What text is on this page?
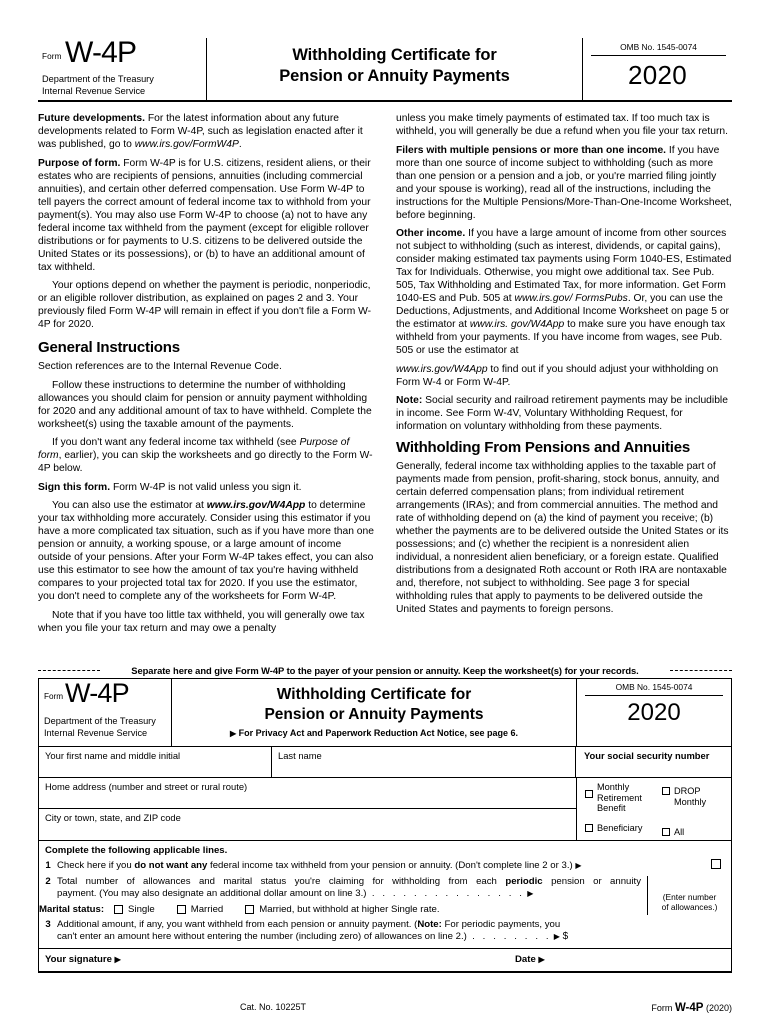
Form W-4P
Department of the Treasury
Internal Revenue Service
Withholding Certificate for
Pension or Annuity Payments
OMB No. 1545-0074
2020

Future developments. For the latest information about any future developments related to Form W-4P, such as legislation enacted after it was published, go to www.irs.gov/FormW4P.

Purpose of form. Form W-4P is for U.S. citizens, resident aliens, or their estates who are recipients of pensions, annuities (including commercial annuities), and certain other deferred compensation. Use Form W-4P to tell payers the correct amount of federal income tax to withhold from your payment(s). You may also use Form W-4P to choose (a) not to have any federal income tax withheld from the payment (except for eligible rollover distributions or for payments to U.S. citizens to be delivered outside the United States or its possessions), or (b) to have an additional amount of tax withheld.

Your options depend on whether the payment is periodic, nonperiodic, or an eligible rollover distribution, as explained on pages 2 and 3. Your previously filed Form W-4P will remain in effect if you don't file a Form W-4P for 2020.

General Instructions

Section references are to the Internal Revenue Code.

Follow these instructions to determine the number of withholding allowances you should claim for pension or annuity payment withholding for 2020 and any additional amount of tax to have withheld. Complete the worksheet(s) using the taxable amount of the payments.

If you don't want any federal income tax withheld (see Purpose of form, earlier), you can skip the worksheets and go directly to the Form W-4P below.

Sign this form. Form W-4P is not valid unless you sign it.

You can also use the estimator at www.irs.gov/W4App to determine your tax withholding more accurately. Consider using this estimator if you have a more complicated tax situation, such as if you have more than one pension or annuity, a working spouse, or a large amount of income outside of your pensions. After your Form W-4P takes effect, you can also use this estimator to see how the amount of tax you're having withheld compares to your projected total tax for 2020. If you use the estimator, you don't need to complete any of the worksheets for Form W-4P.

Note that if you have too little tax withheld, you will generally owe tax when you file your tax return and may owe a penalty

unless you make timely payments of estimated tax. If too much tax is withheld, you will generally be due a refund when you file your tax return.

Filers with multiple pensions or more than one income. If you have more than one source of income subject to withholding (such as more than one pension or a pension and a job, or you're married filing jointly and your spouse is working), read all of the instructions, including the instructions for the Multiple Pensions/More-Than-One-Income Worksheet, before beginning.

Other income. If you have a large amount of income from other sources not subject to withholding (such as interest, dividends, or capital gains), consider making estimated tax payments using Form 1040-ES, Estimated Tax for Individuals. Otherwise, you might owe additional tax. See Pub. 505, Tax Withholding and Estimated Tax, for more information. Get Form 1040-ES and Pub. 505 at www.irs.gov/ FormsPubs. Or, you can use the Deductions, Adjustments, and Additional Income Worksheet on page 5 or the estimator at www.irs. gov/W4App to make sure you have enough tax withheld from your payments. If you have income from wages, see Pub. 505 or use the estimator at

www.irs.gov/W4App to find out if you should adjust your withholding on Form W-4 or Form W-4P.

Note: Social security and railroad retirement payments may be includible in income. See Form W-4V, Voluntary Withholding Request, for information on voluntary withholding from these payments.

Withholding From Pensions and Annuities

Generally, federal income tax withholding applies to the taxable part of payments made from pension, profit-sharing, stock bonus, annuity, and certain deferred compensation plans; from individual retirement arrangements (IRAs); and from commercial annuities. The method and rate of withholding depend on (a) the kind of payment you receive; (b) whether the payments are to be delivered outside the United States or its possessions; and (c) whether the recipient is a nonresident alien individual, a nonresident alien beneficiary, or a foreign estate. Qualified distributions from a designated Roth account or Roth IRA are nontaxable and, therefore, not subject to withholding. See page 3 for special withholding rules that apply to payments to be delivered outside the United States and payments to foreign persons.

Separate here and give Form W-4P to the payer of your pension or annuity. Keep the worksheet(s) for your records.
Form W-4P
Department of the Treasury
Internal Revenue Service
Withholding Certificate for
Pension or Annuity Payments
▶ For Privacy Act and Paperwork Reduction Act Notice, see page 6.
OMB No. 1545-0074
2020
Your first name and middle initial	Last name	Your social security number
Home address (number and street or rural route)
City or town, state, and ZIP code
Monthly Retirement Benefit
DROP Monthly
Beneficiary	All
Complete the following applicable lines.
1 Check here if you do not want any federal income tax withheld from your pension or annuity. (Don't complete line 2 or 3.) ▶
2 Total number of allowances and marital status you're claiming for withholding from each periodic pension or annuity
payment. (You may also designate an additional dollar amount on line 3.)  . . . . . . . . . . . . . . . ▶
Marital status:	Single	Married	Married, but withhold at higher Single rate.
(Enter number
of allowances.)
3 Additional amount, if any, you want withheld from each pension or annuity payment. (Note: For periodic payments, you
can't enter an amount here without entering the number (including zero) of allowances on line 2.)  . . . . . . . . ▶ $
Your signature ▶	Date ▶
Cat. No. 10225T	Form W-4P (2020)
